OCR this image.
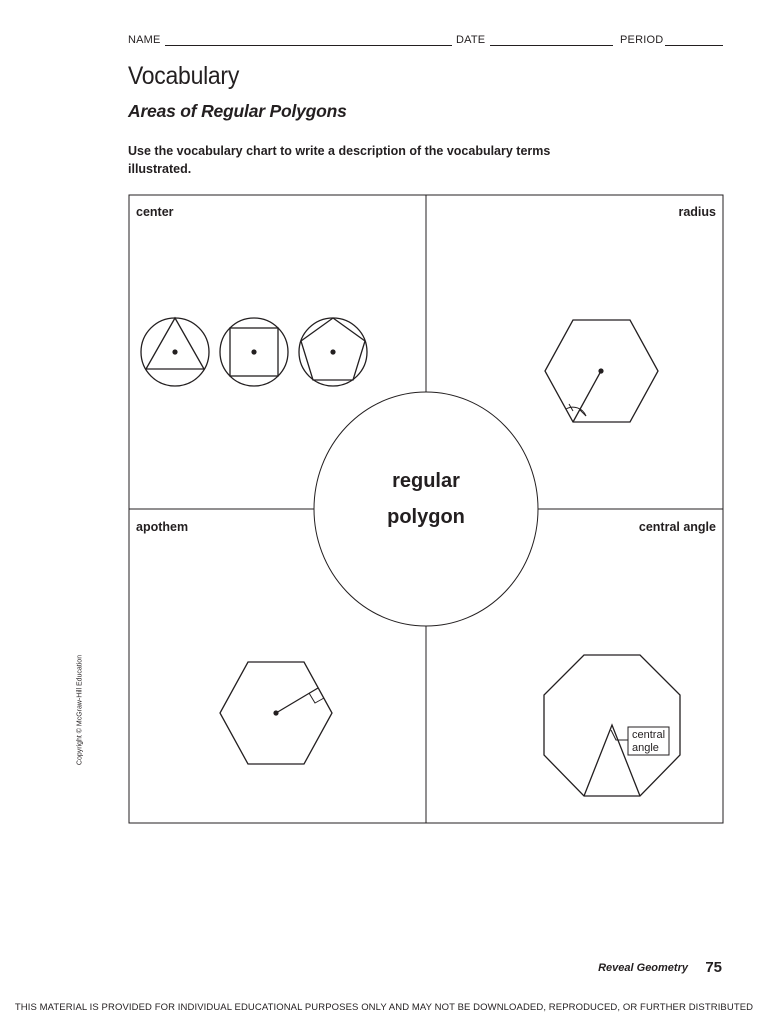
NAME	DATE	PERIOD
Vocabulary
Areas of Regular Polygons

Use the vocabulary chart to write a description of the vocabulary terms illustrated.

central
angle
center	radius
apothem	central angle
regular
polygon
Copyright © McGraw-Hill Education
Reveal Geometry 75
THIS MATERIAL IS PROVIDED FOR INDIVIDUAL EDUCATIONAL PURPOSES ONLY AND MAY NOT BE DOWNLOADED, REPRODUCED, OR FURTHER DISTRIBUTED
